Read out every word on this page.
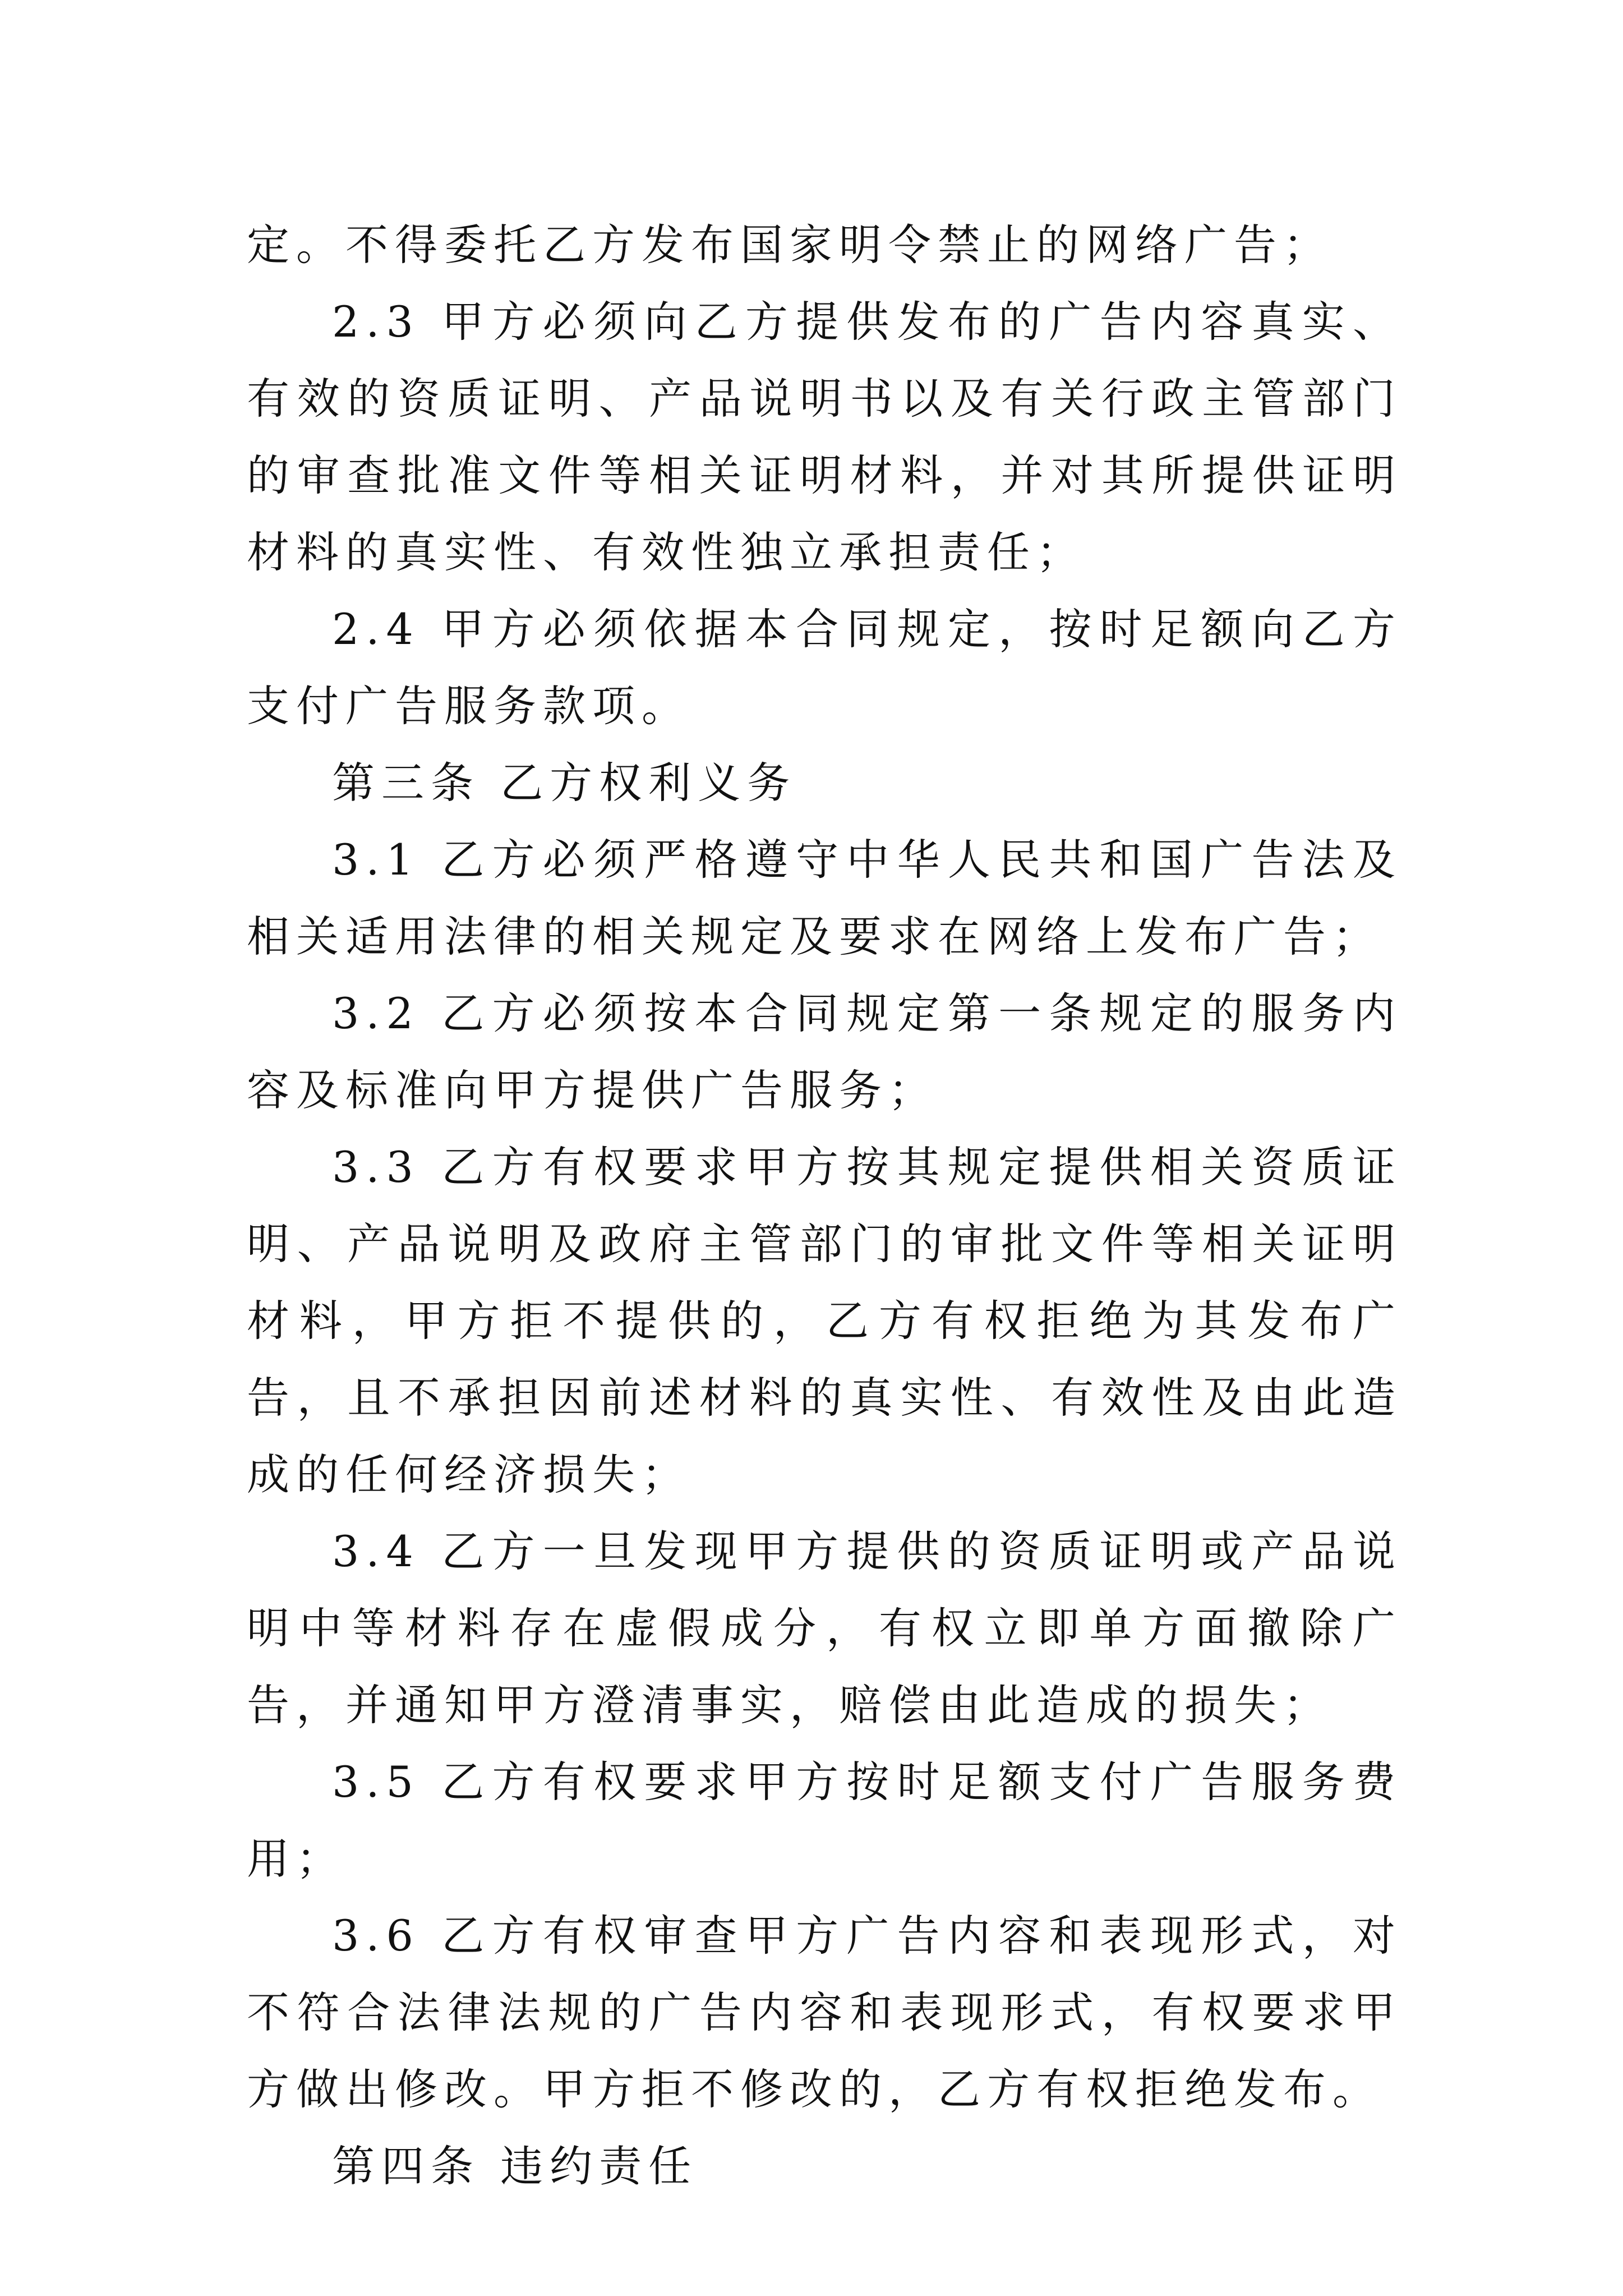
定。不得委托乙方发布国家明令禁止的网络广告；

2.3 甲方必须向乙方提供发布的广告内容真实、有效的资质证明、产品说明书以及有关行政主管部门的审查批准文件等相关证明材料，并对其所提供证明材料的真实性、有效性独立承担责任；

2.4 甲方必须依据本合同规定，按时足额向乙方支付广告服务款项。

第三条 乙方权利义务

3.1 乙方必须严格遵守中华人民共和国广告法及相关适用法律的相关规定及要求在网络上发布广告；

3.2 乙方必须按本合同规定第一条规定的服务内容及标准向甲方提供广告服务；

3.3 乙方有权要求甲方按其规定提供相关资质证明、产品说明及政府主管部门的审批文件等相关证明材料，甲方拒不提供的，乙方有权拒绝为其发布广告，且不承担因前述材料的真实性、有效性及由此造成的任何经济损失；

3.4 乙方一旦发现甲方提供的资质证明或产品说明中等材料存在虚假成分，有权立即单方面撤除广告，并通知甲方澄清事实，赔偿由此造成的损失；

3.5 乙方有权要求甲方按时足额支付广告服务费用；

3.6 乙方有权审查甲方广告内容和表现形式，对不符合法律法规的广告内容和表现形式，有权要求甲方做出修改。甲方拒不修改的，乙方有权拒绝发布。

第四条 违约责任
